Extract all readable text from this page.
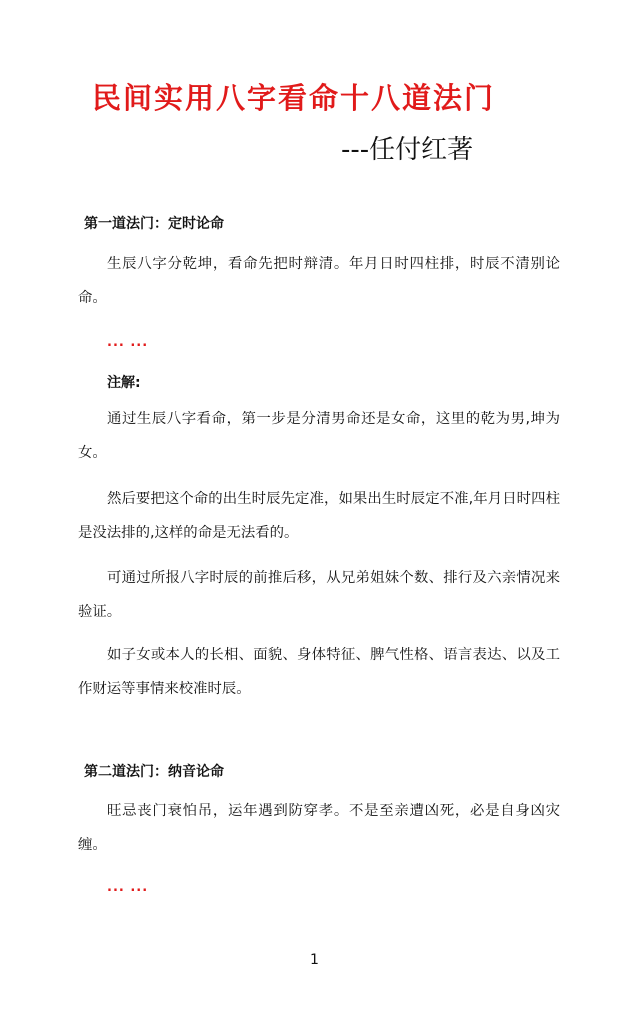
民间实用八字看命十八道法门
---任付红著
第一道法门：定时论命
生辰八字分乾坤，看命先把时辩清。年月日时四柱排，时辰不清别论命。
... ...
注解:
通过生辰八字看命，第一步是分清男命还是女命，这里的乾为男,坤为女。
然后要把这个命的出生时辰先定准，如果出生时辰定不准,年月日时四柱是没法排的,这样的命是无法看的。
可通过所报八字时辰的前推后移，从兄弟姐妹个数、排行及六亲情况来验证。
如子女或本人的长相、面貌、身体特征、脾气性格、语言表达、以及工作财运等事情来校准时辰。
第二道法门：纳音论命
旺忌丧门衰怕吊，运年遇到防穿孝。不是至亲遭凶死，必是自身凶灾缠。
... ...
1
